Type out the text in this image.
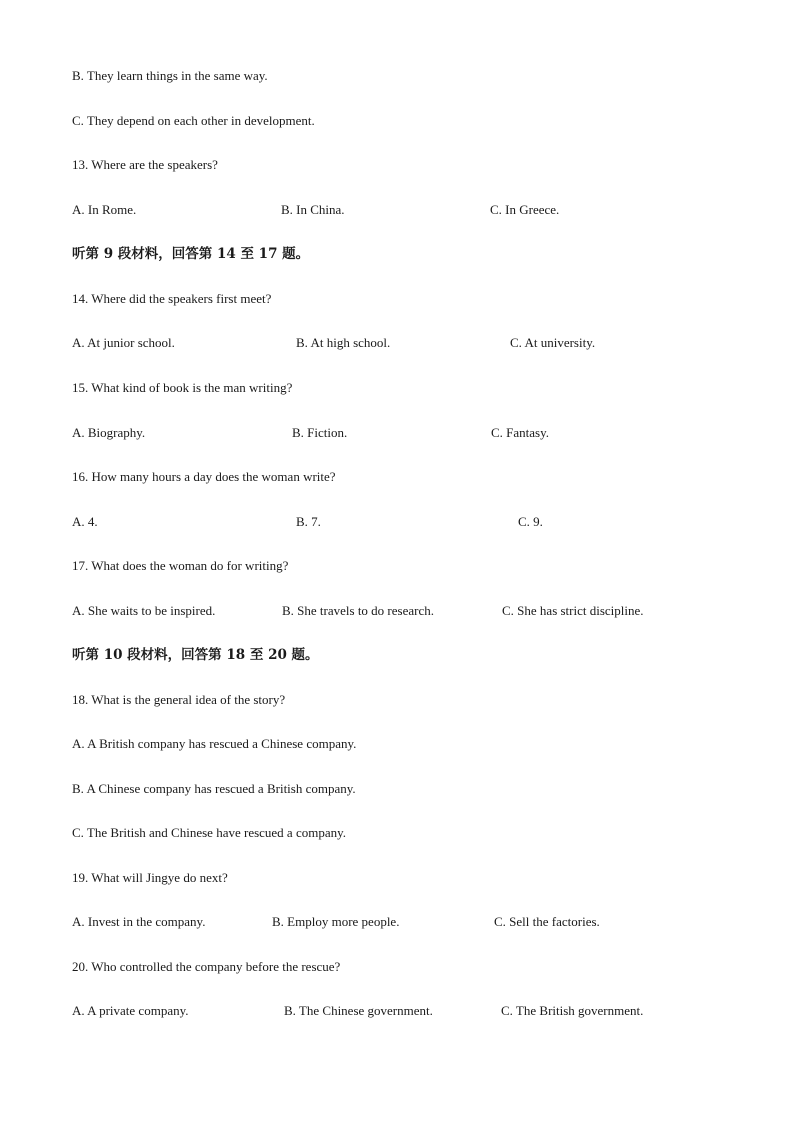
B. They learn things in the same way.
C. They depend on each other in development.
13. Where are the speakers?
A. In Rome.	B. In China.	C. In Greece.
听第 9 段材料，回答第 14 至 17 题。
14. Where did the speakers first meet?
A. At junior school.	B. At high school.	C. At university.
15. What kind of book is the man writing?
A. Biography.	B. Fiction.	C. Fantasy.
16. How many hours a day does the woman write?
A. 4.	B. 7.	C. 9.
17. What does the woman do for writing?
A. She waits to be inspired.	B. She travels to do research.	C. She has strict discipline.
听第 10 段材料，回答第 18 至 20 题。
18. What is the general idea of the story?
A. A British company has rescued a Chinese company.
B. A Chinese company has rescued a British company.
C. The British and Chinese have rescued a company.
19. What will Jingye do next?
A. Invest in the company.	B. Employ more people.	C. Sell the factories.
20. Who controlled the company before the rescue?
A. A private company.	B. The Chinese government.	C. The British government.
